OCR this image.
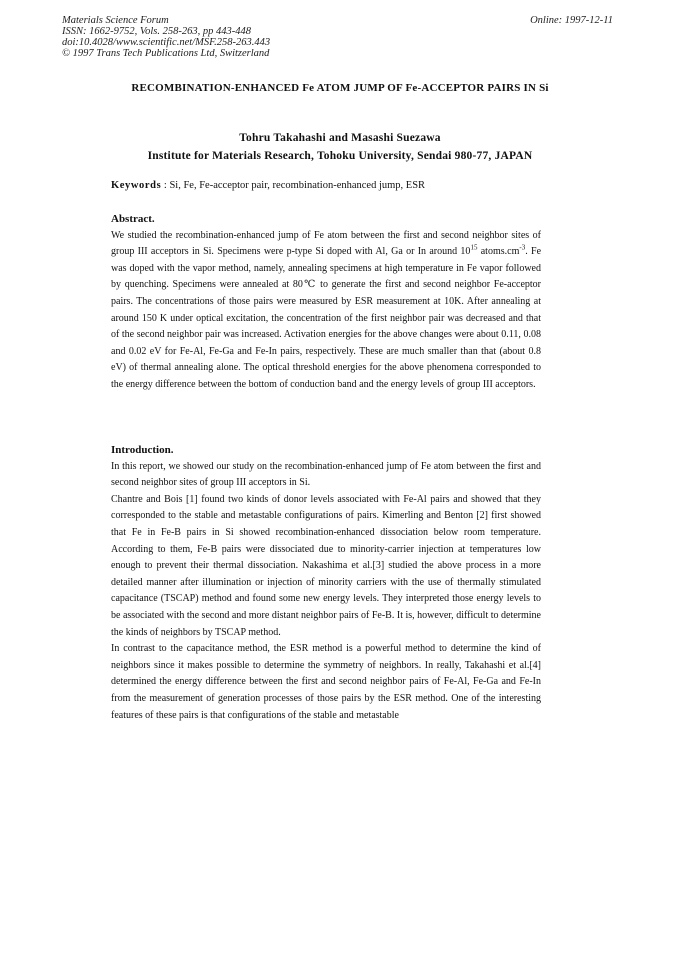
Materials Science Forum
ISSN: 1662-9752, Vols. 258-263, pp 443-448
doi:10.4028/www.scientific.net/MSF.258-263.443
© 1997 Trans Tech Publications Ltd, Switzerland
Online: 1997-12-11
RECOMBINATION-ENHANCED Fe ATOM JUMP OF Fe-ACCEPTOR PAIRS IN Si
Tohru Takahashi and Masashi Suezawa
Institute for Materials Research, Tohoku University, Sendai 980-77, JAPAN
Keywords : Si, Fe, Fe-acceptor pair, recombination-enhanced jump, ESR
Abstract.

We studied the recombination-enhanced jump of Fe atom between the first and second neighbor sites of group III acceptors in Si. Specimens were p-type Si doped with Al, Ga or In around $10^{15}$ $atoms.cm^{-3}$. Fe was doped with the vapor method, namely, annealing specimens at high temperature in Fe vapor followed by quenching. Specimens were annealed at 80℃ to generate the first and second neighbor Fe-acceptor pairs. The concentrations of those pairs were measured by ESR measurement at 10K. After annealing at around 150 K under optical excitation, the concentration of the first neighbor pair was decreased and that of the second neighbor pair was increased. Activation energies for the above changes were about 0.11, 0.08 and 0.02 eV for Fe-Al, Fe-Ga and Fe-In pairs, respectively. These are much smaller than that (about 0.8 eV) of thermal annealing alone. The optical threshold energies for the above phenomena corresponded to the energy difference between the bottom of conduction band and the energy levels of group III acceptors.

Introduction.

In this report, we showed our study on the recombination-enhanced jump of Fe atom between the first and second neighbor sites of group III acceptors in Si.

Chantre and Bois [1] found two kinds of donor levels associated with Fe-Al pairs and showed that they corresponded to the stable and metastable configurations of pairs. Kimerling and Benton [2] first showed that Fe in Fe-B pairs in Si showed recombination-enhanced dissociation below room temperature. According to them, Fe-B pairs were dissociated due to minority-carrier injection at temperatures low enough to prevent their thermal dissociation. Nakashima et al.[3] studied the above process in a more detailed manner after illumination or injection of minority carriers with the use of thermally stimulated capacitance (TSCAP) method and found some new energy levels. They interpreted those energy levels to be associated with the second and more distant neighbor pairs of Fe-B. It is, however, difficult to determine the kinds of neighbors by TSCAP method.

In contrast to the capacitance method, the ESR method is a powerful method to determine the kind of neighbors since it makes possible to determine the symmetry of neighbors. In really, Takahashi et al.[4] determined the energy difference between the first and second neighbor pairs of Fe-Al, Fe-Ga and Fe-In from the measurement of generation processes of those pairs by the ESR method. One of the interesting features of these pairs is that configurations of the stable and metastable
